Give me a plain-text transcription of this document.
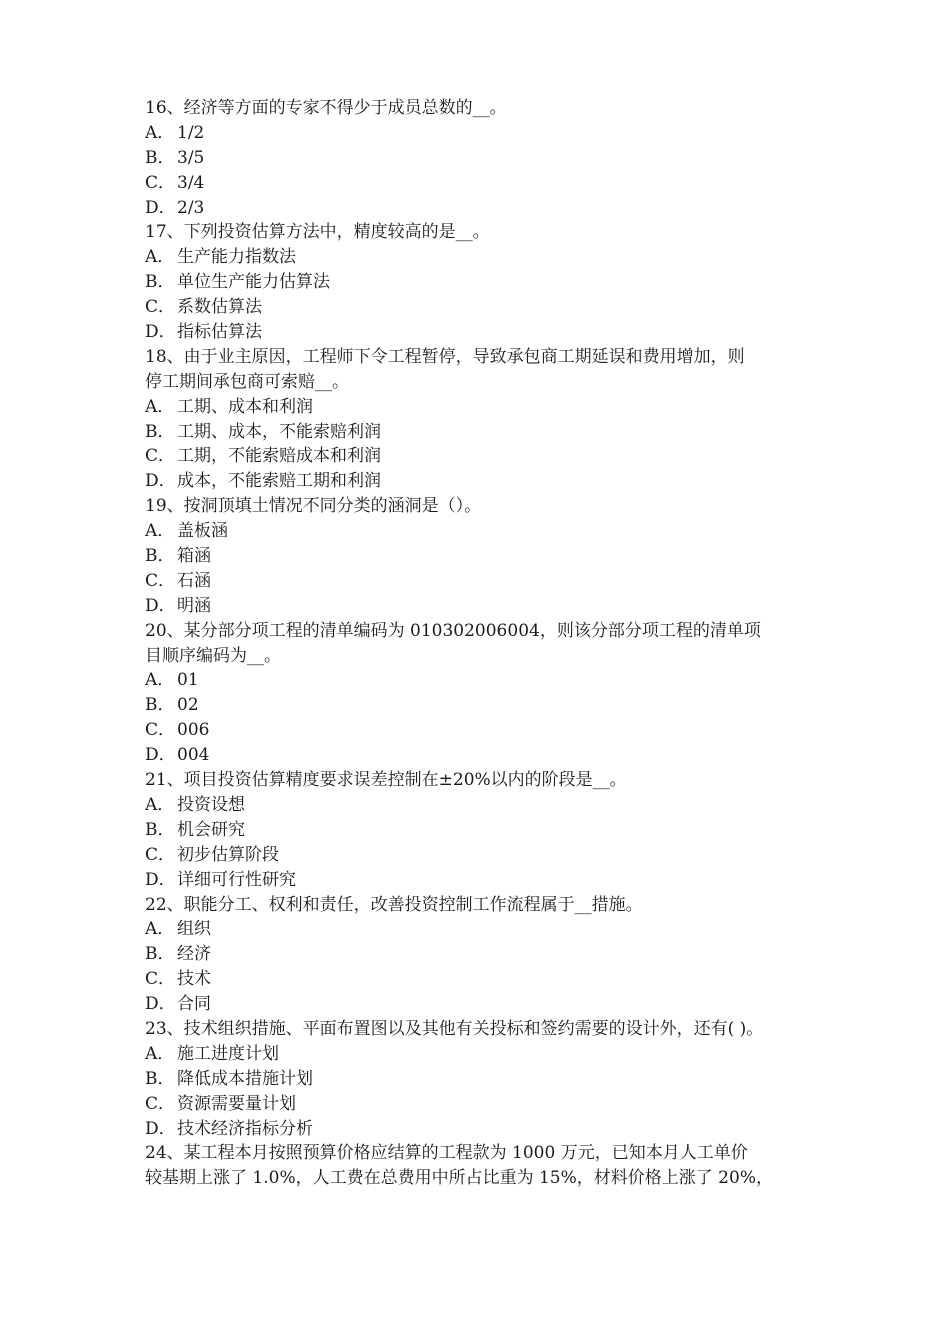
16、经济等方面的专家不得少于成员总数的__。
A． 1/2
B． 3/5
C． 3/4
D． 2/3
17、下列投资估算方法中，精度较高的是__。
A． 生产能力指数法
B． 单位生产能力估算法
C． 系数估算法
D． 指标估算法
18、由于业主原因，工程师下令工程暂停，导致承包商工期延误和费用增加，则
停工期间承包商可索赔__。
A． 工期、成本和利润
B． 工期、成本，不能索赔利润
C． 工期，不能索赔成本和利润
D． 成本，不能索赔工期和利润
19、按洞顶填土情况不同分类的涵洞是（）。
A． 盖板涵
B． 箱涵
C． 石涵
D． 明涵
20、某分部分项工程的清单编码为 010302006004，则该分部分项工程的清单项
目顺序编码为__。
A． 01
B． 02
C． 006
D． 004
21、项目投资估算精度要求误差控制在±20%以内的阶段是__。
A． 投资设想
B． 机会研究
C． 初步估算阶段
D． 详细可行性研究
22、职能分工、权利和责任，改善投资控制工作流程属于__措施。
A． 组织
B． 经济
C． 技术
D． 合同
23、技术组织措施、平面布置图以及其他有关投标和签约需要的设计外，还有( )。
A． 施工进度计划
B． 降低成本措施计划
C． 资源需要量计划
D． 技术经济指标分析
24、某工程本月按照预算价格应结算的工程款为 1000 万元，已知本月人工单价
较基期上涨了 1.0%，人工费在总费用中所占比重为 15%，材料价格上涨了 20%，
